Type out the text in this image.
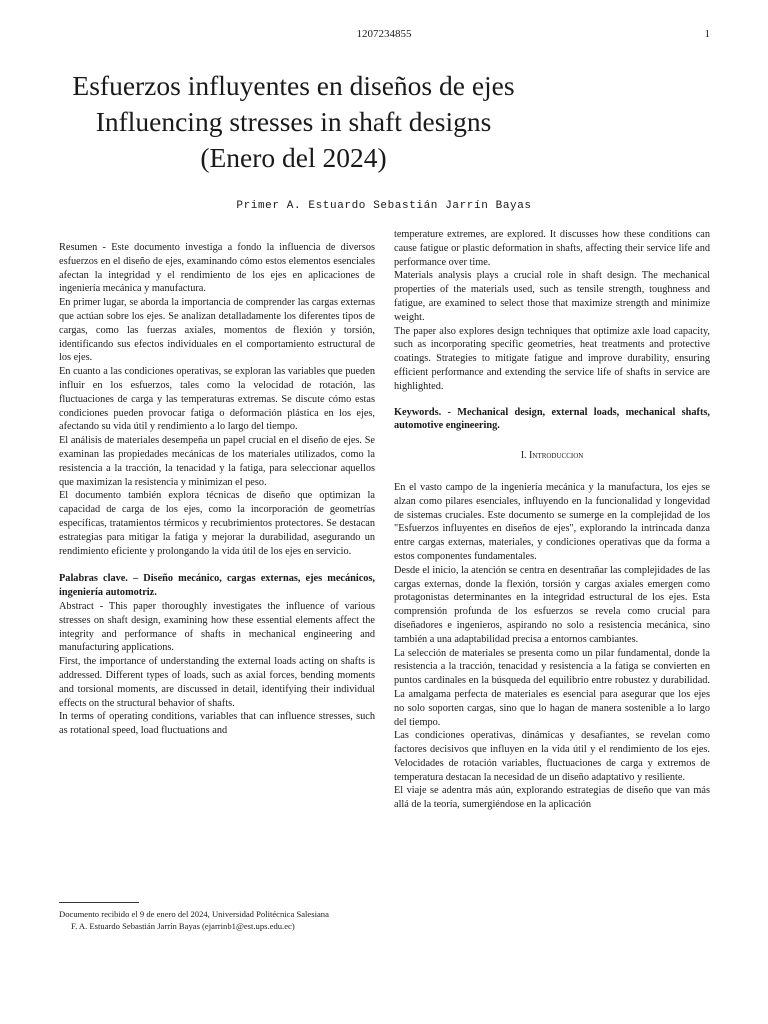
1207234855	1
Esfuerzos influyentes en diseños de ejes
Influencing stresses in shaft designs
(Enero del 2024)
Primer A. Estuardo Sebastián Jarrín Bayas

Resumen - Este documento investiga a fondo la influencia de diversos esfuerzos en el diseño de ejes, examinando cómo estos elementos esenciales afectan la integridad y el rendimiento de los ejes en aplicaciones de ingeniería mecánica y manufactura.

En primer lugar, se aborda la importancia de comprender las cargas externas que actúan sobre los ejes. Se analizan detalladamente los diferentes tipos de cargas, como las fuerzas axiales, momentos de flexión y torsión, identificando sus efectos individuales en el comportamiento estructural de los ejes.

En cuanto a las condiciones operativas, se exploran las variables que pueden influir en los esfuerzos, tales como la velocidad de rotación, las fluctuaciones de carga y las temperaturas extremas. Se discute cómo estas condiciones pueden provocar fatiga o deformación plástica en los ejes, afectando su vida útil y rendimiento a lo largo del tiempo.

El análisis de materiales desempeña un papel crucial en el diseño de ejes. Se examinan las propiedades mecánicas de los materiales utilizados, como la resistencia a la tracción, la tenacidad y la fatiga, para seleccionar aquellos que maximizan la resistencia y minimizan el peso.

El documento también explora técnicas de diseño que optimizan la capacidad de carga de los ejes, como la incorporación de geometrías específicas, tratamientos térmicos y recubrimientos protectores. Se destacan estrategias para mitigar la fatiga y mejorar la durabilidad, asegurando un rendimiento eficiente y prolongando la vida útil de los ejes en servicio.

Palabras clave. – Diseño mecánico, cargas externas, ejes mecánicos, ingeniería automotriz.

Abstract - This paper thoroughly investigates the influence of various stresses on shaft design, examining how these essential elements affect the integrity and performance of shafts in mechanical engineering and manufacturing applications.

First, the importance of understanding the external loads acting on shafts is addressed. Different types of loads, such as axial forces, bending moments and torsional moments, are discussed in detail, identifying their individual effects on the structural behavior of shafts.

In terms of operating conditions, variables that can influence stresses, such as rotational speed, load fluctuations and

Documento recibido el 9 de enero del 2024, Universidad Politécnica Salesiana

F. A. Estuardo Sebastián Jarrín Bayas (ejarrinb1@est.ups.edu.ec)

temperature extremes, are explored. It discusses how these conditions can cause fatigue or plastic deformation in shafts, affecting their service life and performance over time.

Materials analysis plays a crucial role in shaft design. The mechanical properties of the materials used, such as tensile strength, toughness and fatigue, are examined to select those that maximize strength and minimize weight.

The paper also explores design techniques that optimize axle load capacity, such as incorporating specific geometries, heat treatments and protective coatings. Strategies to mitigate fatigue and improve durability, ensuring efficient performance and extending the service life of shafts in service are highlighted.

Keywords. - Mechanical design, external loads, mechanical shafts, automotive engineering.

I. Introduccion

En el vasto campo de la ingeniería mecánica y la manufactura, los ejes se alzan como pilares esenciales, influyendo en la funcionalidad y longevidad de sistemas cruciales. Este documento se sumerge en la complejidad de los "Esfuerzos influyentes en diseños de ejes", explorando la intrincada danza entre cargas externas, materiales, y condiciones operativas que da forma a estos componentes fundamentales.

Desde el inicio, la atención se centra en desentrañar las complejidades de las cargas externas, donde la flexión, torsión y cargas axiales emergen como protagonistas determinantes en la integridad estructural de los ejes. Esta comprensión profunda de los esfuerzos se revela como crucial para diseñadores e ingenieros, aspirando no solo a resistencia mecánica, sino también a una adaptabilidad precisa a entornos cambiantes.

La selección de materiales se presenta como un pilar fundamental, donde la resistencia a la tracción, tenacidad y resistencia a la fatiga se convierten en puntos cardinales en la búsqueda del equilibrio entre robustez y durabilidad. La amalgama perfecta de materiales es esencial para asegurar que los ejes no solo soporten cargas, sino que lo hagan de manera sostenible a lo largo del tiempo.

Las condiciones operativas, dinámicas y desafiantes, se revelan como factores decisivos que influyen en la vida útil y el rendimiento de los ejes. Velocidades de rotación variables, fluctuaciones de carga y extremos de temperatura destacan la necesidad de un diseño adaptativo y resiliente.

El viaje se adentra más aún, explorando estrategias de diseño que van más allá de la teoría, sumergiéndose en la aplicación
